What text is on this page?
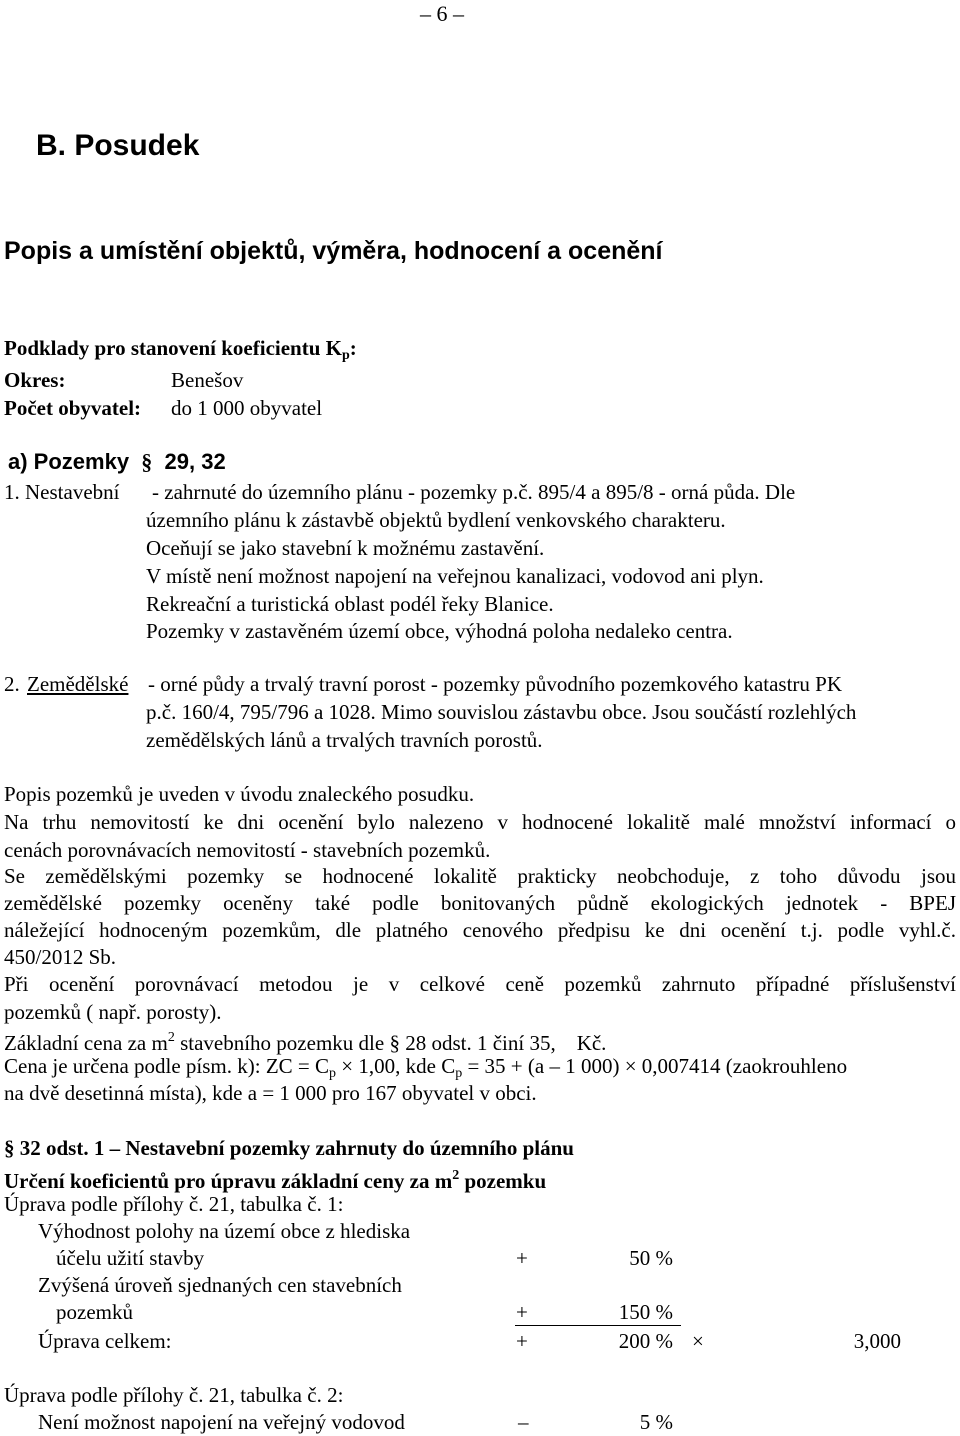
– 6 –
B. Posudek
Popis a umístění objektů, výměra, hodnocení a ocenění
Podklady pro stanovení koeficientu $K_p$:
Okres:	Benešov
Počet obyvatel: do 1 000 obyvatel
a) Pozemky § 29, 32
1. Nestavební - zahrnuté do územního plánu - pozemky p.č. 895/4 a 895/8 - orná půda. Dle
územního plánu k zástavbě objektů bydlení venkovského charakteru.
Oceňují se jako stavební k možnému zastavění.
V místě není možnost napojení na veřejnou kanalizaci, vodovod ani plyn.
Rekreační a turistická oblast podél řeky Blanice.
Pozemky v zastavěném území obce, výhodná poloha nedaleko centra.
2. Zemědělské - orné půdy a trvalý travní porost - pozemky původního pozemkového katastru PK
p.č. 160/4, 795/796 a 1028. Mimo souvislou zástavbu obce. Jsou součástí rozlehlých
zemědělských lánů a trvalých travních porostů.
Popis pozemků je uveden v úvodu znaleckého posudku.
Na trhu nemovitostí ke dni ocenění bylo nalezeno v hodnocené lokalitě malé množství informací o
cenách porovnávacích nemovitostí - stavebních pozemků.
Se zemědělskými pozemky se hodnocené lokalitě prakticky neobchoduje, z toho důvodu jsou
zemědělské pozemky oceněny také podle bonitovaných půdně ekologických jednotek - BPEJ
náležející hodnoceným pozemkům, dle platného cenového předpisu ke dni ocenění t.j. podle vyhl.č.
450/2012 Sb.
Při ocenění porovnávací metodou je v celkové ceně pozemků zahrnuto případné příslušenství
pozemků ( např. porosty).
Základní cena za $m^2$ stavebního pozemku dle § 28 odst. 1 činí 35, Kč.
Cena je určena podle písm. k): ZC = $C_p \times 1,00$, kde $C_p = 35 + (a - 1$ 000) × 0,007414 (zaokrouhleno
na dvě desetinná místa), kde a = 1 000 pro 167 obyvatel v obci.
§ 32 odst. 1 – Nestavební pozemky zahrnuty do územního plánu
Určení koeficientů pro úpravu základní ceny za $m^2$ pozemku
Úprava podle přílohy č. 21, tabulka č. 1:
Výhodnost polohy na území obce z hlediska
účelu užití stavby	+	50 %
Zvýšená úroveň sjednaných cen stavebních
pozemků	+	150 %
Úprava celkem:	+	200 % ×	3,000
Úprava podle přílohy č. 21, tabulka č. 2:
Není možnost napojení na veřejný vodovod	–	5 %
